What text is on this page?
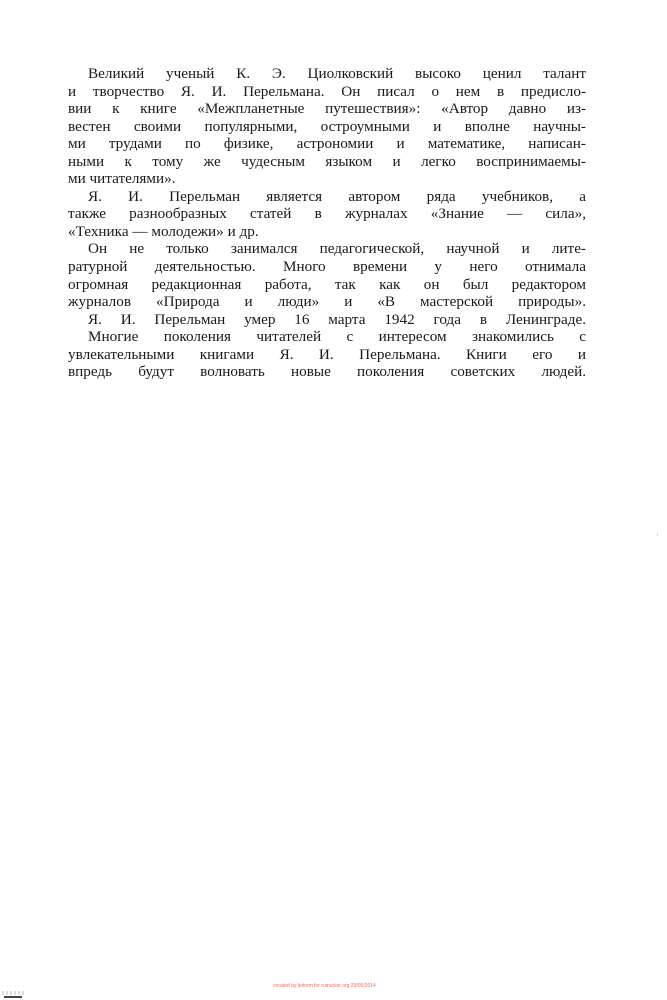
Великий ученый К. Э. Циолковский высоко ценил талант
и творчество Я. И. Перельмана. Он писал о нем в предисло-
вии к книге «Межпланетные путешествия»: «Автор давно из-
вестен своими популярными, остроумными и вполне научны-
ми трудами по физике, астрономии и математике, написан-
ными к тому же чудесным языком и легко воспринимаемы-
ми читателями».
Я. И. Перельман является автором ряда учебников, а
также разнообразных статей в журналах «Знание — сила»,
«Техника — молодежи» и др.
Он не только занимался педагогической, научной и лите-
ратурной деятельностью. Много времени у него отнимала
огромная редакционная работа, так как он был редактором
журналов «Природа и люди» и «В мастерской природы».
Я. И. Перельман умер 16 марта 1942 года в Ленинграде.
Многие поколения читателей с интересом знакомились с
увлекательными книгами Я. И. Перельмана. Книги его и
впредь будут волновать новые поколения советских людей.
created by lerkom for rutracker.org 29/05/2014
